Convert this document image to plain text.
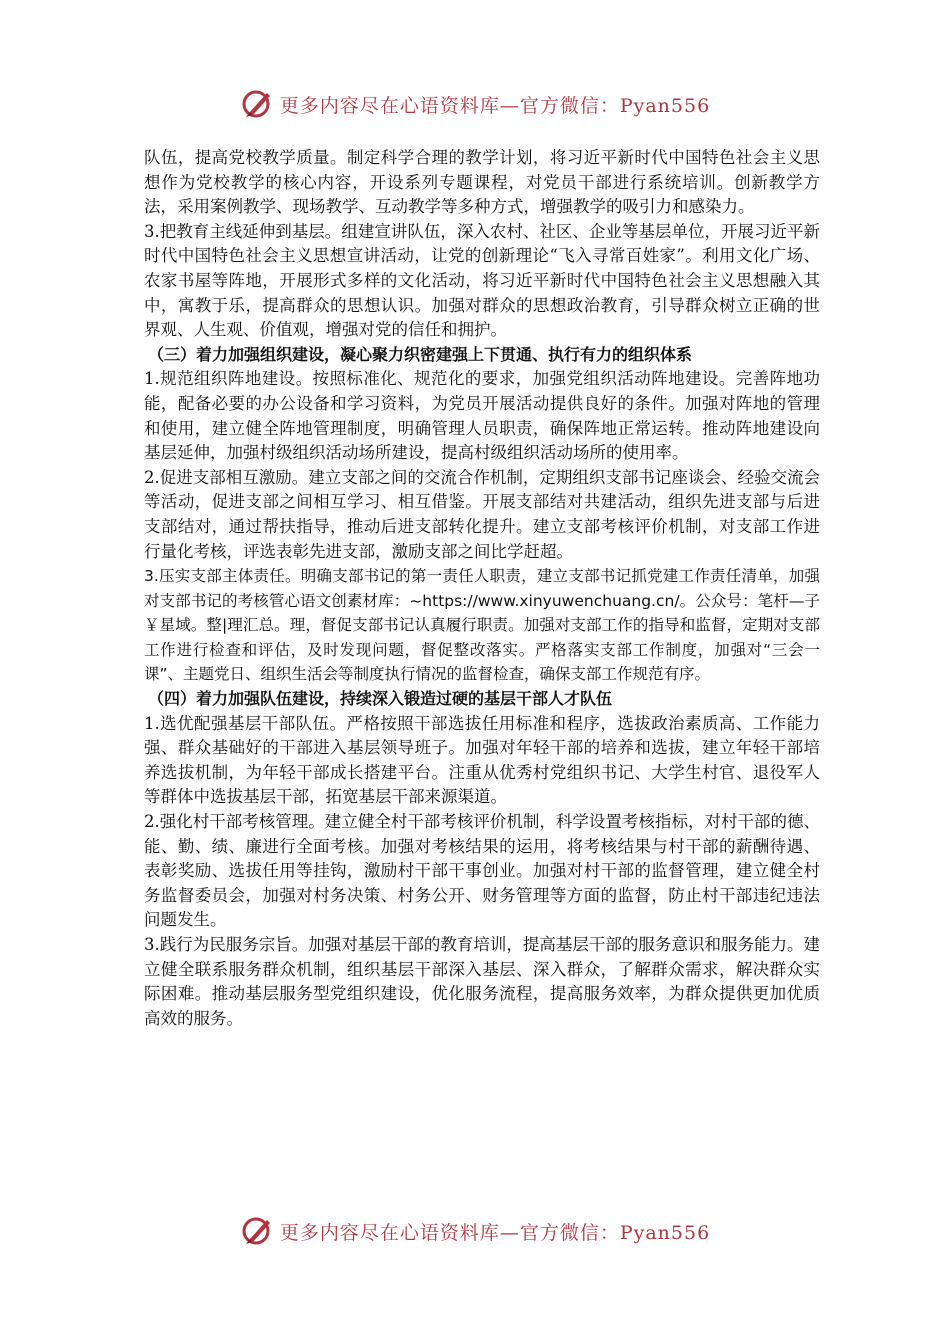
更多内容尽在心语资料库—官方微信：Pyan556

队伍，提高党校教学质量。制定科学合理的教学计划，将习近平新时代中国特色社会主义思想作为党校教学的核心内容，开设系列专题课程，对党员干部进行系统培训。创新教学方法，采用案例教学、现场教学、互动教学等多种方式，增强教学的吸引力和感染力。

3.把教育主线延伸到基层。组建宣讲队伍，深入农村、社区、企业等基层单位，开展习近平新时代中国特色社会主义思想宣讲活动，让党的创新理论“飞入寻常百姓家”。利用文化广场、农家书屋等阵地，开展形式多样的文化活动，将习近平新时代中国特色社会主义思想融入其中，寓教于乐，提高群众的思想认识。加强对群众的思想政治教育，引导群众树立正确的世界观、人生观、价值观，增强对党的信任和拥护。

（三）着力加强组织建设，凝心聚力织密建强上下贯通、执行有力的组织体系

1.规范组织阵地建设。按照标准化、规范化的要求，加强党组织活动阵地建设。完善阵地功能，配备必要的办公设备和学习资料，为党员开展活动提供良好的条件。加强对阵地的管理和使用，建立健全阵地管理制度，明确管理人员职责，确保阵地正常运转。推动阵地建设向基层延伸，加强村级组织活动场所建设，提高村级组织活动场所的使用率。

2.促进支部相互激励。建立支部之间的交流合作机制，定期组织支部书记座谈会、经验交流会等活动，促进支部之间相互学习、相互借鉴。开展支部结对共建活动，组织先进支部与后进支部结对，通过帮扶指导，推动后进支部转化提升。建立支部考核评价机制，对支部工作进行量化考核，评选表彰先进支部，激励支部之间比学赶超。

3.压实支部主体责任。明确支部书记的第一责任人职责，建立支部书记抓党建工作责任清单，加强对支部书记的考核管心语文创素材库：~https://www.xinyuwenchuang.cn/。公众号：笔杆—子￥星域。整|理汇总。理，督促支部书记认真履行职责。加强对支部工作的指导和监督，定期对支部工作进行检查和评估，及时发现问题，督促整改落实。严格落实支部工作制度，加强对“三会一课”、主题党日、组织生活会等制度执行情况的监督检查，确保支部工作规范有序。

（四）着力加强队伍建设，持续深入锻造过硬的基层干部人才队伍

1.选优配强基层干部队伍。严格按照干部选拔任用标准和程序，选拔政治素质高、工作能力强、群众基础好的干部进入基层领导班子。加强对年轻干部的培养和选拔，建立年轻干部培养选拔机制，为年轻干部成长搭建平台。注重从优秀村党组织书记、大学生村官、退役军人等群体中选拔基层干部，拓宽基层干部来源渠道。

2.强化村干部考核管理。建立健全村干部考核评价机制，科学设置考核指标，对村干部的德、能、勤、绩、廉进行全面考核。加强对考核结果的运用，将考核结果与村干部的薪酬待遇、表彰奖励、选拔任用等挂钩，激励村干部干事创业。加强对村干部的监督管理，建立健全村务监督委员会，加强对村务决策、村务公开、财务管理等方面的监督，防止村干部违纪违法问题发生。

3.践行为民服务宗旨。加强对基层干部的教育培训，提高基层干部的服务意识和服务能力。建立健全联系服务群众机制，组织基层干部深入基层、深入群众，了解群众需求，解决群众实际困难。推动基层服务型党组织建设，优化服务流程，提高服务效率，为群众提供更加优质高效的服务。

更多内容尽在心语资料库—官方微信：Pyan556
